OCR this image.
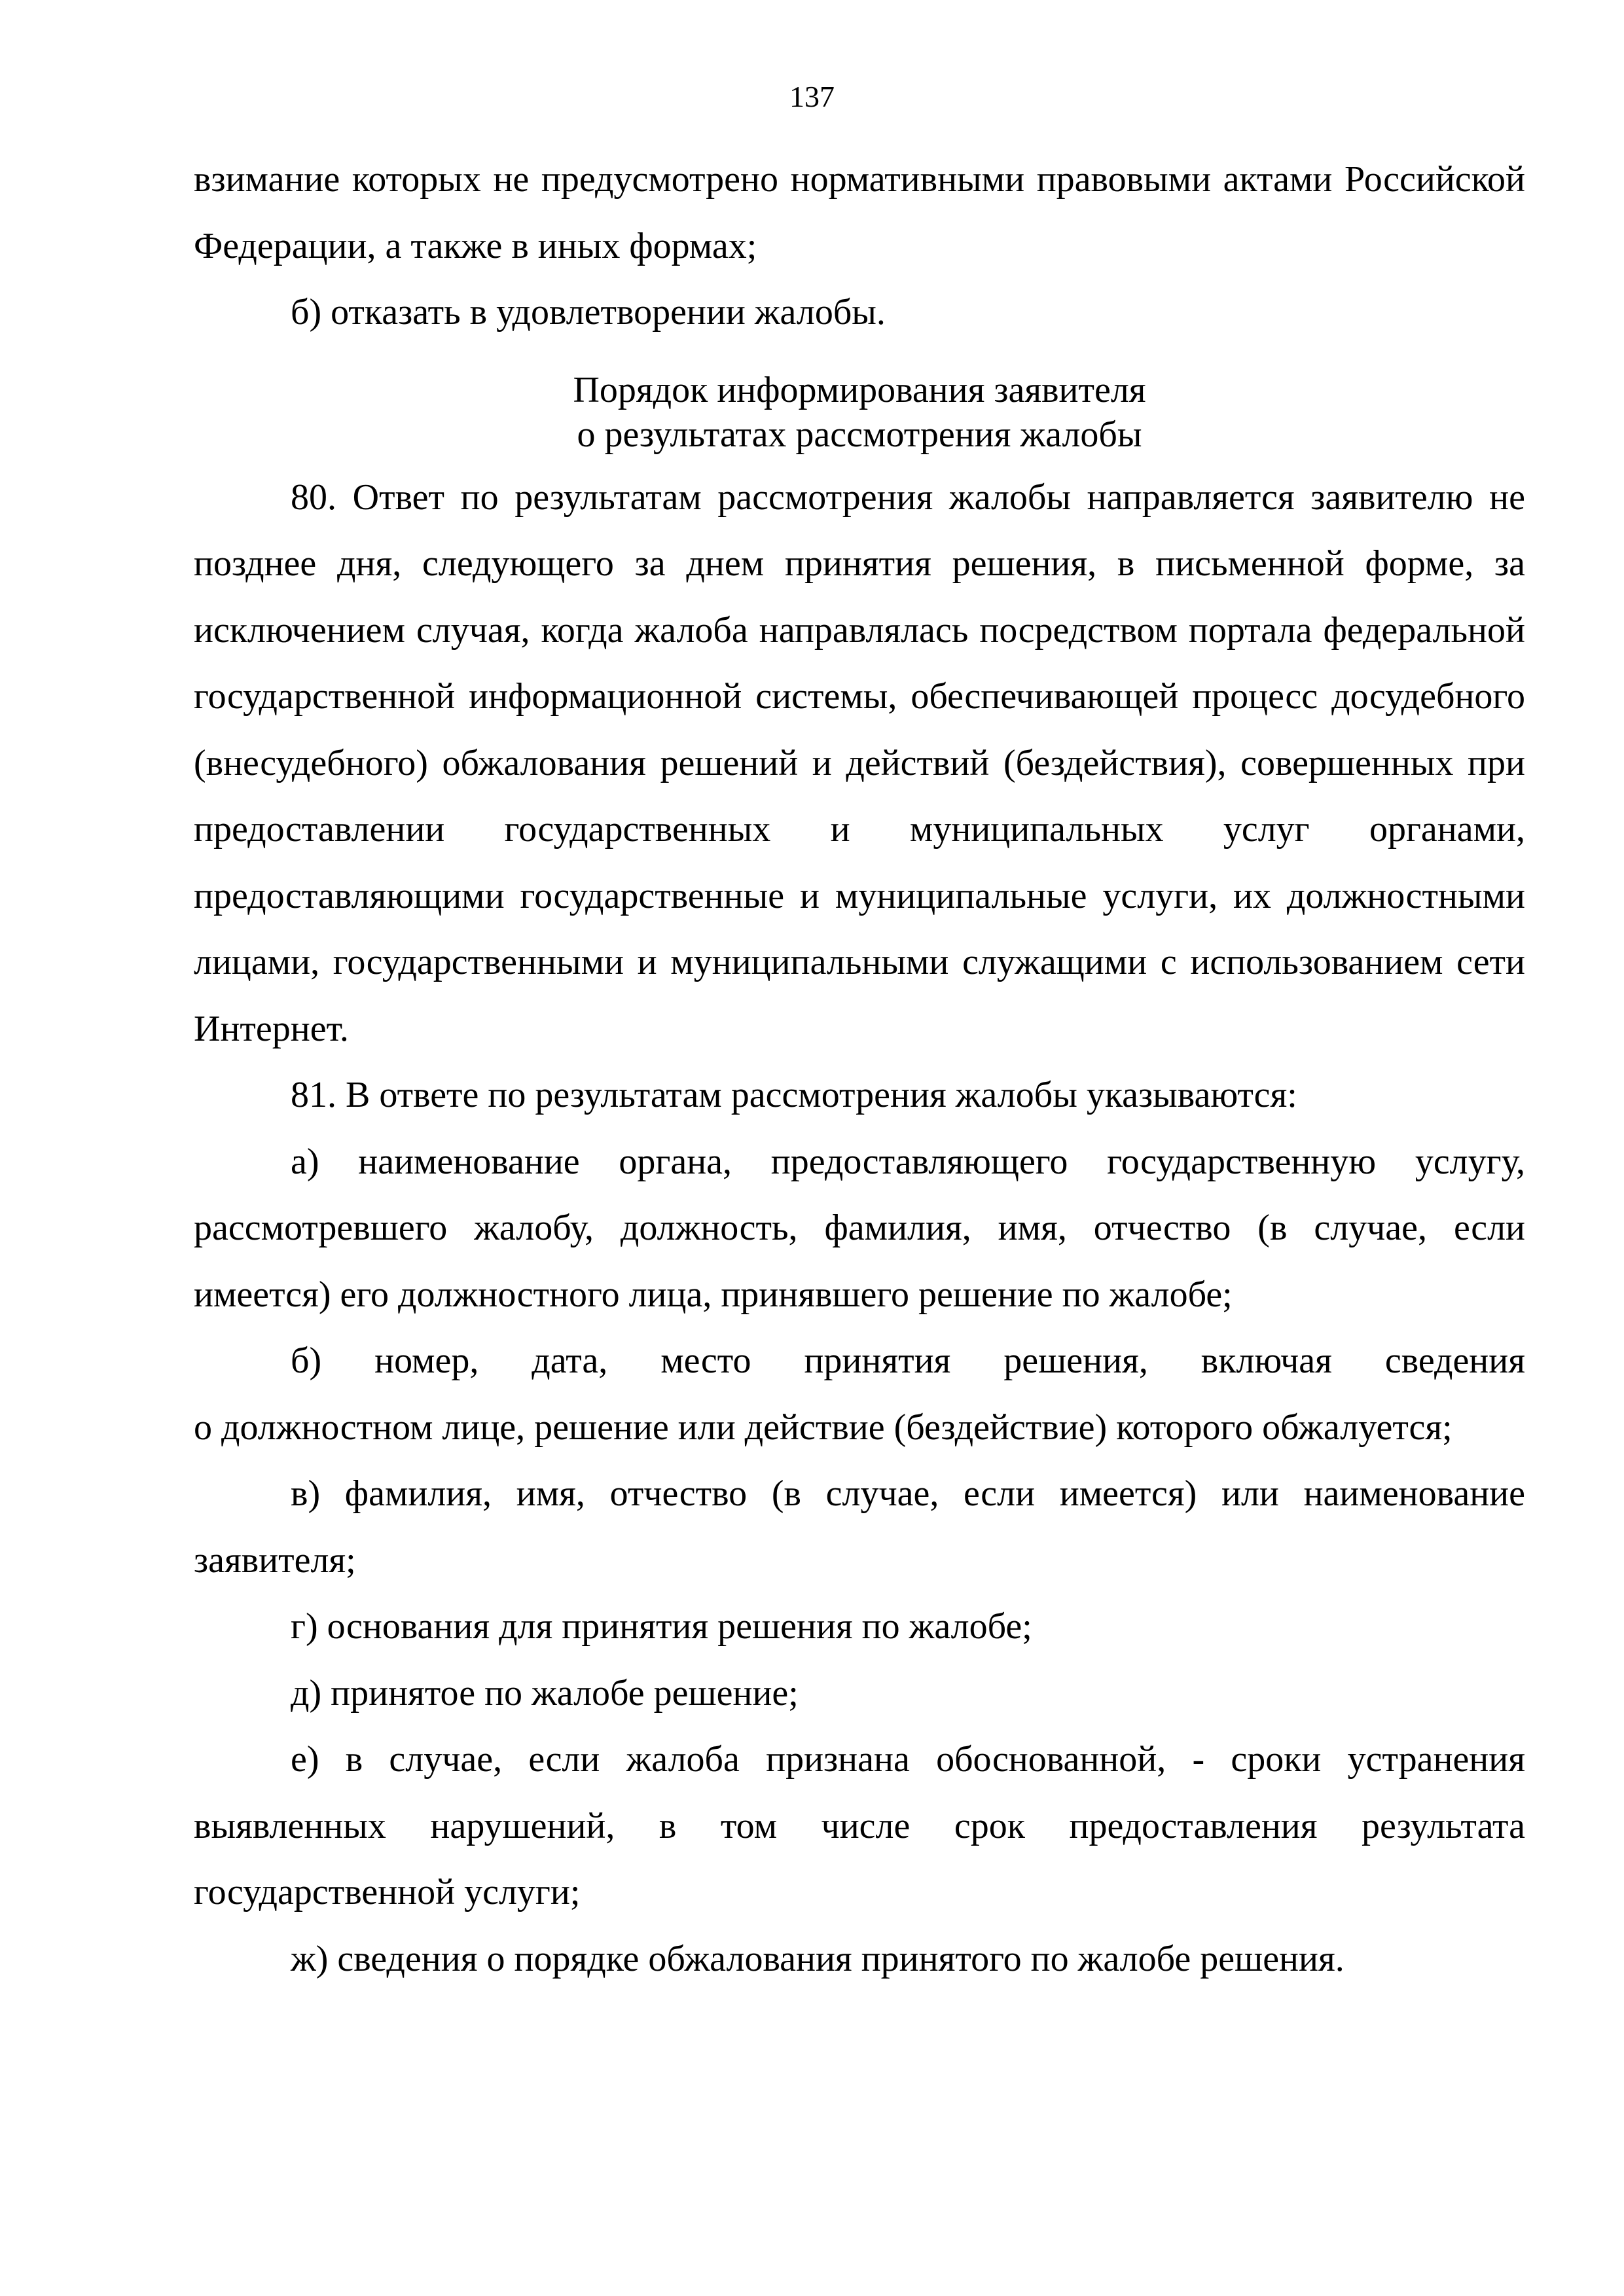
137

взимание которых не предусмотрено нормативными правовыми актами Российской Федерации, а также в иных формах;

б) отказать в удовлетворении жалобы.

Порядок информирования заявителя
о результатах рассмотрения жалобы

80. Ответ по результатам рассмотрения жалобы направляется заявителю не позднее дня, следующего за днем принятия решения, в письменной форме, за исключением случая, когда жалоба направлялась посредством портала федеральной государственной информационной системы, обеспечивающей процесс досудебного (внесудебного) обжалования решений и действий (бездействия), совершенных при предоставлении государственных и муниципальных услуг органами, предоставляющими государственные и муниципальные услуги, их должностными лицами, государственными и муниципальными служащими с использованием сети Интернет.

81. В ответе по результатам рассмотрения жалобы указываются:

а) наименование органа, предоставляющего государственную услугу, рассмотревшего жалобу, должность, фамилия, имя, отчество (в случае, если имеется) его должностного лица, принявшего решение по жалобе;

б) номер, дата, место принятия решения, включая сведения

о должностном лице, решение или действие (бездействие) которого обжалуется;

в) фамилия, имя, отчество (в случае, если имеется) или наименование заявителя;

г) основания для принятия решения по жалобе;

д) принятое по жалобе решение;

е) в случае, если жалоба признана обоснованной, - сроки устранения выявленных нарушений, в том числе срок предоставления результата государственной услуги;

ж) сведения о порядке обжалования принятого по жалобе решения.
